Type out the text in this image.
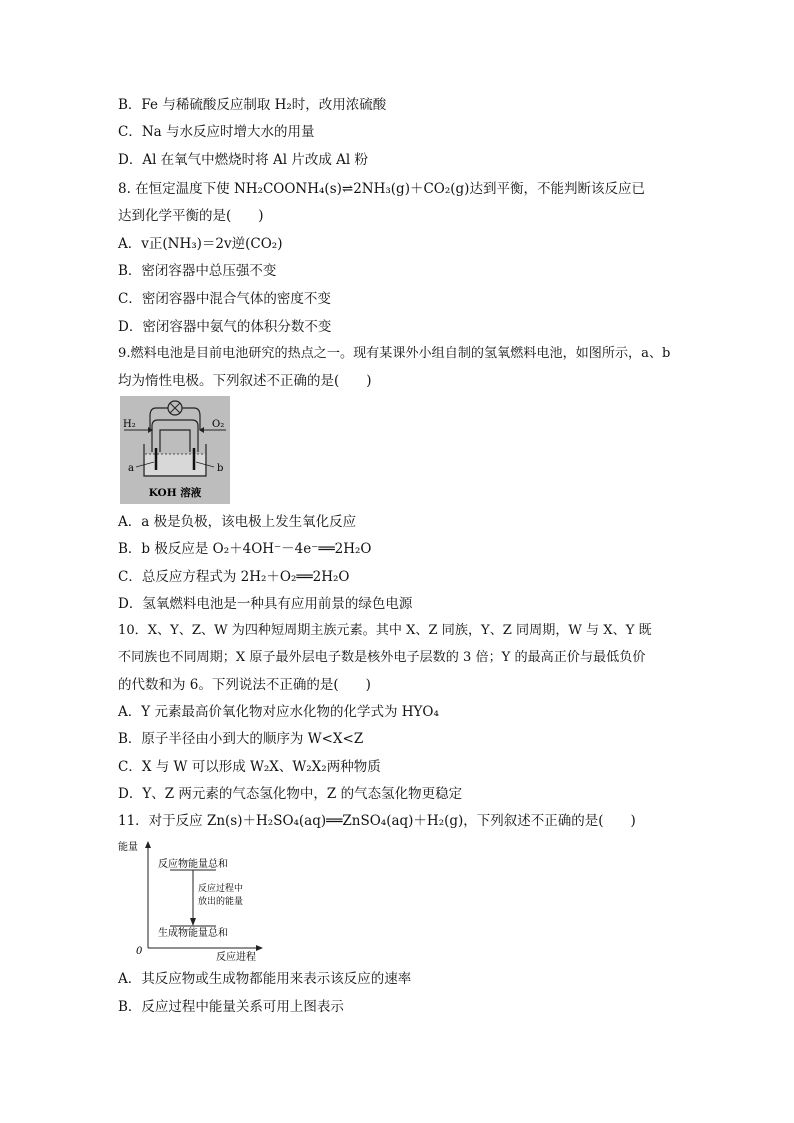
B．Fe 与稀硫酸反应制取 H₂时，改用浓硫酸
C．Na 与水反应时增大水的用量
D．Al 在氧气中燃烧时将 Al 片改成 Al 粉
8. 在恒定温度下使 NH₂COONH₄(s)⇌2NH₃(g)＋CO₂(g)达到平衡，不能判断该反应已
达到化学平衡的是(　　)
A．v正(NH₃)＝2v逆(CO₂)
B．密闭容器中总压强不变
C．密闭容器中混合气体的密度不变
D．密闭容器中氨气的体积分数不变
9.燃料电池是目前电池研究的热点之一。现有某课外小组自制的氢氧燃料电池，如图所示，a、b
均为惰性电极。下列叙述不正确的是(　　)
H₂	O₂
a	b
KOH 溶液
A．a 极是负极，该电极上发生氧化反应
B．b 极反应是 O₂＋4OH⁻－4e⁻══2H₂O
C．总反应方程式为 2H₂＋O₂══2H₂O
D．氢氧燃料电池是一种具有应用前景的绿色电源
10．X、Y、Z、W 为四种短周期主族元素。其中 X、Z 同族，Y、Z 同周期，W 与 X、Y 既
不同族也不同周期；X 原子最外层电子数是核外电子层数的 3 倍；Y 的最高正价与最低负价
的代数和为 6。下列说法不正确的是(　　)
A．Y 元素最高价氧化物对应水化物的化学式为 HYO₄
B．原子半径由小到大的顺序为 W<X<Z
C．X 与 W 可以形成 W₂X、W₂X₂两种物质
D．Y、Z 两元素的气态氢化物中，Z 的气态氢化物更稳定
11．对于反应 Zn(s)＋H₂SO₄(aq)══ZnSO₄(aq)＋H₂(g)，下列叙述不正确的是(　　)
能量
反应物能量总和
反应过程中
放出的能量
生成物能量总和
0
反应进程
A．其反应物或生成物都能用来表示该反应的速率
B．反应过程中能量关系可用上图表示
